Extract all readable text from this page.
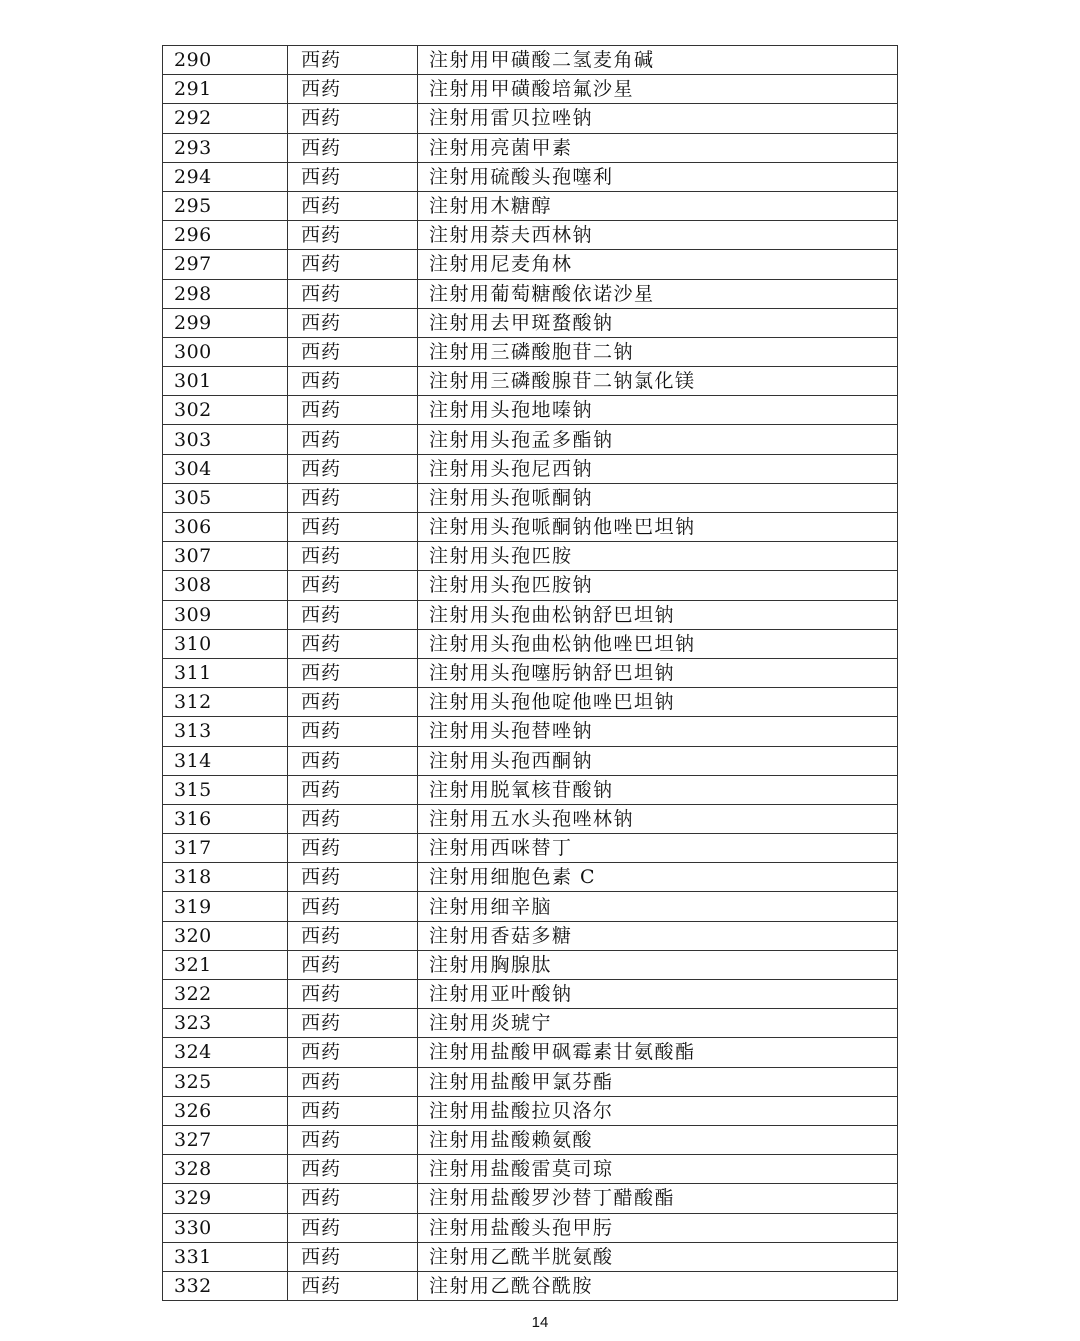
290	西药	注射用甲磺酸二氢麦角碱
291	西药	注射用甲磺酸培氟沙星
292	西药	注射用雷贝拉唑钠
293	西药	注射用亮菌甲素
294	西药	注射用硫酸头孢噻利
295	西药	注射用木糖醇
296	西药	注射用萘夫西林钠
297	西药	注射用尼麦角林
298	西药	注射用葡萄糖酸依诺沙星
299	西药	注射用去甲斑蝥酸钠
300	西药	注射用三磷酸胞苷二钠
301	西药	注射用三磷酸腺苷二钠氯化镁
302	西药	注射用头孢地嗪钠
303	西药	注射用头孢孟多酯钠
304	西药	注射用头孢尼西钠
305	西药	注射用头孢哌酮钠
306	西药	注射用头孢哌酮钠他唑巴坦钠
307	西药	注射用头孢匹胺
308	西药	注射用头孢匹胺钠
309	西药	注射用头孢曲松钠舒巴坦钠
310	西药	注射用头孢曲松钠他唑巴坦钠
311	西药	注射用头孢噻肟钠舒巴坦钠
312	西药	注射用头孢他啶他唑巴坦钠
313	西药	注射用头孢替唑钠
314	西药	注射用头孢西酮钠
315	西药	注射用脱氧核苷酸钠
316	西药	注射用五水头孢唑林钠
317	西药	注射用西咪替丁
318	西药	注射用细胞色素 C
319	西药	注射用细辛脑
320	西药	注射用香菇多糖
321	西药	注射用胸腺肽
322	西药	注射用亚叶酸钠
323	西药	注射用炎琥宁
324	西药	注射用盐酸甲砜霉素甘氨酸酯
325	西药	注射用盐酸甲氯芬酯
326	西药	注射用盐酸拉贝洛尔
327	西药	注射用盐酸赖氨酸
328	西药	注射用盐酸雷莫司琼
329	西药	注射用盐酸罗沙替丁醋酸酯
330	西药	注射用盐酸头孢甲肟
331	西药	注射用乙酰半胱氨酸
332	西药	注射用乙酰谷酰胺
14
